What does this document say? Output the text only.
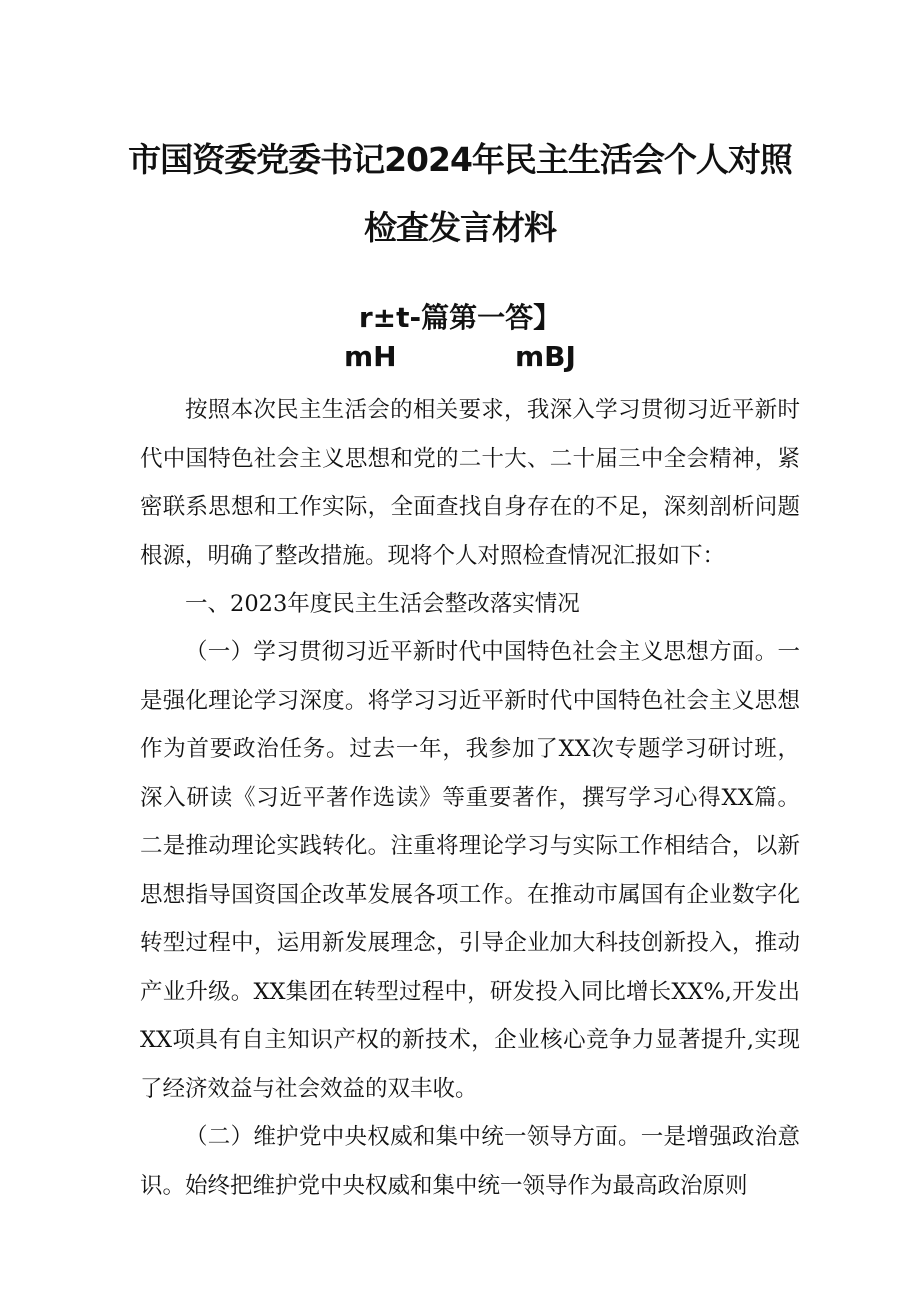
市国资委党委书记2024年民主生活会个人对照
检查发言材料
r±t-篇第一答】
mH	mBJ

按照本次民主生活会的相关要求，我深入学习贯彻习近平新时代中国特色社会主义思想和党的二十大、二十届三中全会精神，紧密联系思想和工作实际，全面查找自身存在的不足，深刻剖析问题根源，明确了整改措施。现将个人对照检查情况汇报如下：

一、2023年度民主生活会整改落实情况

（一）学习贯彻习近平新时代中国特色社会主义思想方面。一是强化理论学习深度。将学习习近平新时代中国特色社会主义思想作为首要政治任务。过去一年，我参加了XX次专题学习研讨班，深入研读《习近平著作选读》等重要著作，撰写学习心得XX篇。二是推动理论实践转化。注重将理论学习与实际工作相结合，以新思想指导国资国企改革发展各项工作。在推动市属国有企业数字化转型过程中，运用新发展理念，引导企业加大科技创新投入，推动产业升级。XX集团在转型过程中，研发投入同比增长XX%,开发出XX项具有自主知识产权的新技术，企业核心竞争力显著提升,实现了经济效益与社会效益的双丰收。

（二）维护党中央权威和集中统一领导方面。一是增强政治意识。始终把维护党中央权威和集中统一领导作为最高政治原则
